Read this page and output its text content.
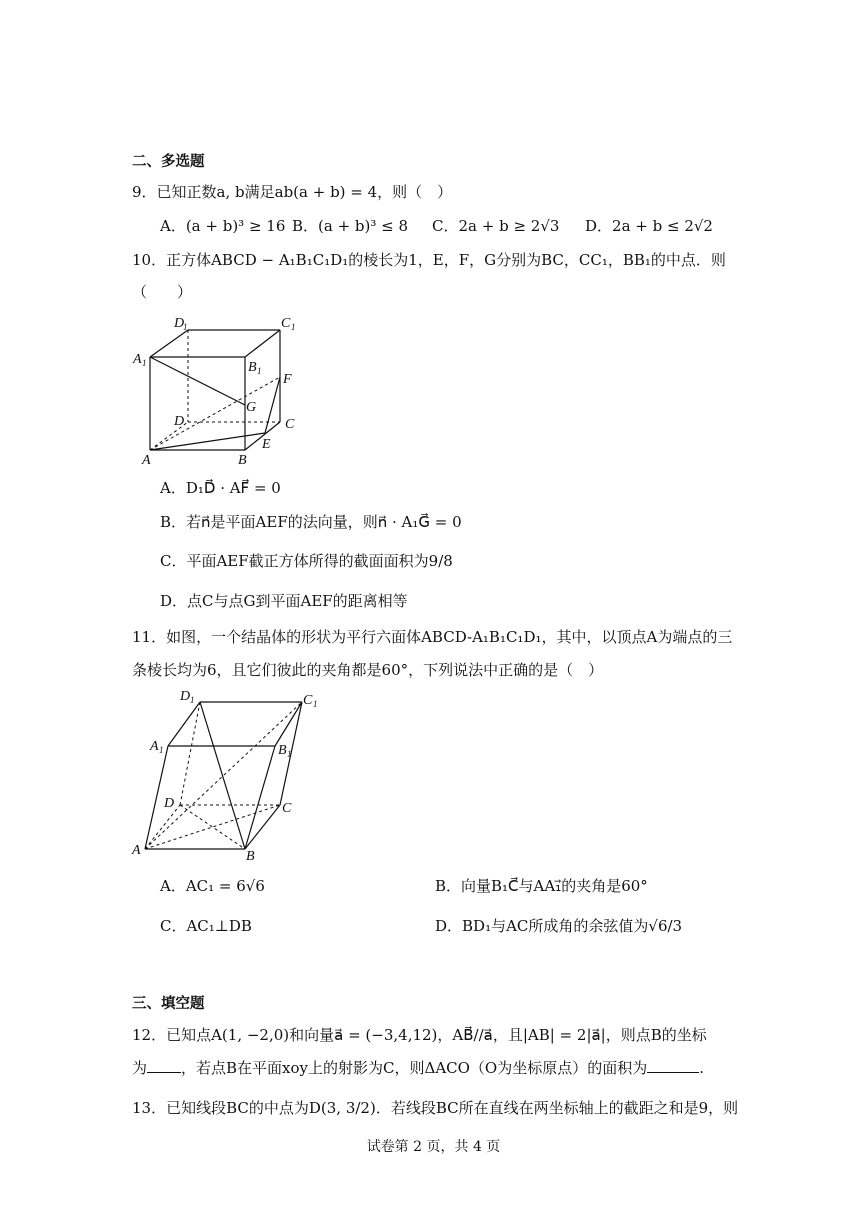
二、多选题
9．已知正数a, b满足ab(a + b) = 4，则（　）
A．(a + b)³ ≥ 16 B．(a + b)³ ≤ 8 C．2a + b ≥ 2√3 D．2a + b ≤ 2√2
10．正方体ABCD − A₁B₁C₁D₁的棱长为1，E，F，G分别为BC，CC₁，BB₁的中点．则
（　　）
D
1	C 1
A 1	B 1
F
G
D	C
E
A	B
A．D₁D⃗ · AF⃗ = 0
B．若n⃗是平面AEF的法向量，则n⃗ · A₁G⃗ = 0
C．平面AEF截正方体所得的截面面积为9/8
D．点C与点G到平面AEF的距离相等
11．如图，一个结晶体的形状为平行六面体ABCD-A₁B₁C₁D₁，其中，以顶点A为端点的三
条棱长均为6，且它们彼此的夹角都是60°，下列说法中正确的是（　）
D 1	C 1
A 1	B 1
D	C
A	B
A．AC₁ = 6√6	B．向量B₁C⃗与AA₁⃗的夹角是60°
C．AC₁⊥DB	D．BD₁与AC所成角的余弦值为√6/3
三、填空题
12．已知点A(1, −2,0)和向量a⃗ = (−3,4,12)，AB⃗//a⃗，且|AB| = 2|a⃗|，则点B的坐标
为 ，若点B在平面xoy上的射影为C，则ΔACO（O为坐标原点）的面积为	.
13．已知线段BC的中点为D(3, 3/2)．若线段BC所在直线在两坐标轴上的截距之和是9，则
试卷第 2 页，共 4 页
